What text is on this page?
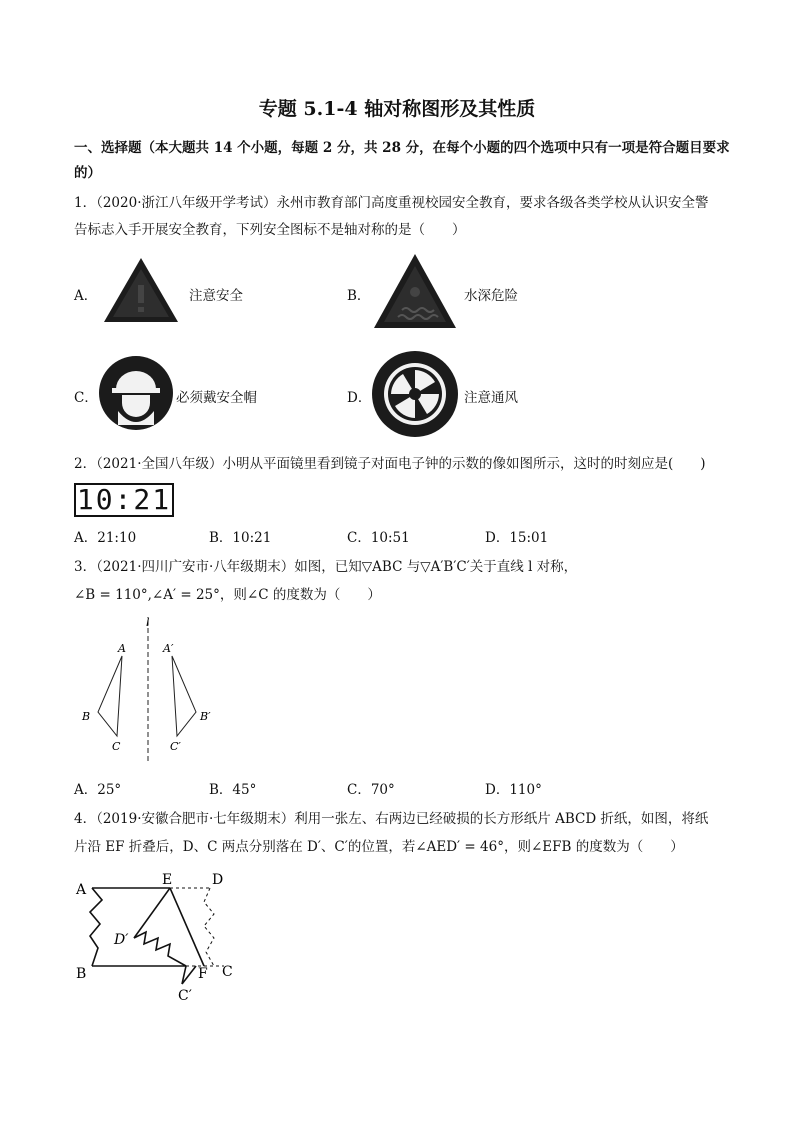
专题 5.1-4 轴对称图形及其性质
一、选择题（本大题共 14 个小题，每题 2 分，共 28 分，在每个小题的四个选项中只有一项是符合题目要求的）
1．（2020·浙江八年级开学考试）永州市教育部门高度重视校园安全教育，要求各级各类学校从认识安全警
告标志入手开展安全教育，下列安全图标不是轴对称的是（　　）
A．	注意安全	B．	水深危险
C．	必须戴安全帽	D．	注意通风
2．（2021·全国八年级）小明从平面镜里看到镜子对面电子钟的示数的像如图所示，这时的时刻应是(　　)
10:21
A．21:10	B．10:21	C．10:51	D．15:01
3．（2021·四川广安市·八年级期末）如图，已知▽ABC 与▽A′B′C′关于直线 l 对称，
∠B = 110°,∠A′ = 25°，则∠C 的度数为（　　）
l
A
B
C
A′
B′
C′
A．25°	B．45°	C．70°	D．110°
4．（2019·安徽合肥市·七年级期末）利用一张左、右两边已经破损的长方形纸片 ABCD 折纸，如图，将纸
片沿 EF 折叠后，D、C 两点分别落在 D′、C′的位置，若∠AED′ = 46°，则∠EFB 的度数为（　　）
A
E	D
D′
B	F C
C′
